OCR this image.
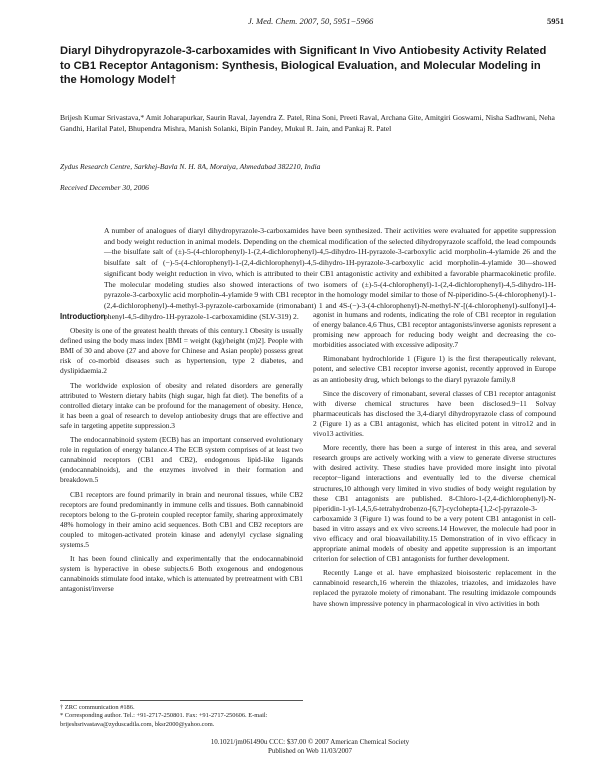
J. Med. Chem. 2007, 50, 5951−5966	5951
Diaryl Dihydropyrazole-3-carboxamides with Significant In Vivo Antiobesity Activity Related to CB1 Receptor Antagonism: Synthesis, Biological Evaluation, and Molecular Modeling in the Homology Model†

Brijesh Kumar Srivastava,* Amit Joharapurkar, Saurin Raval, Jayendra Z. Patel, Rina Soni, Preeti Raval, Archana Gite, Amitgiri Goswami, Nisha Sadhwani, Neha Gandhi, Harilal Patel, Bhupendra Mishra, Manish Solanki, Bipin Pandey, Mukul R. Jain, and Pankaj R. Patel

Zydus Research Centre, Sarkhej-Bavla N. H. 8A, Moraiya, Ahmedabad 382210, India

Received December 30, 2006

A number of analogues of diaryl dihydropyrazole-3-carboxamides have been synthesized. Their activities were evaluated for appetite suppression and body weight reduction in animal models. Depending on the chemical modification of the selected dihydropyrazole scaffold, the lead compounds—the bisulfate salt of (±)-5-(4-chlorophenyl)-1-(2,4-dichlorophenyl)-4,5-dihydro-1H-pyrazole-3-carboxylic acid morpholin-4-ylamide 26 and the bisulfate salt of (−)-5-(4-chlorophenyl)-1-(2,4-dichlorophenyl)-4,5-dihydro-1H-pyrazole-3-carboxylic acid morpholin-4-ylamide 30—showed significant body weight reduction in vivo, which is attributed to their CB1 antagonistic activity and exhibited a favorable pharmacokinetic profile. The molecular modeling studies also showed interactions of two isomers of (±)-5-(4-chlorophenyl)-1-(2,4-dichlorophenyl)-4,5-dihydro-1H-pyrazole-3-carboxylic acid morpholin-4-ylamide 9 with CB1 receptor in the homology model similar to those of N-piperidino-5-(4-chlorophenyl)-1-(2,4-dichlorophenyl)-4-methyl-3-pyrazole-carboxamide (rimonabant) 1 and 4S-(−)-3-(4-chlorophenyl)-N-methyl-N′-[(4-chlorophenyl)-sulfonyl]-4-phenyl-4,5-dihydro-1H-pyrazole-1-carboxamidine (SLV-319) 2.

Introduction

Obesity is one of the greatest health threats of this century.1 Obesity is usually defined using the body mass index [BMI = weight (kg)/height (m)2]. People with BMI of 30 and above (27 and above for Chinese and Asian people) possess great risk of co-morbid diseases such as hypertension, type 2 diabetes, and dyslipidaemia.2

The worldwide explosion of obesity and related disorders are generally attributed to Western dietary habits (high sugar, high fat diet). The benefits of a controlled dietary intake can be profound for the management of obesity. Hence, it has been a goal of research to develop antiobesity drugs that are effective and safe in targeting appetite suppression.3

The endocannabinoid system (ECB) has an important conserved evolutionary role in regulation of energy balance.4 The ECB system comprises of at least two cannabinoid receptors (CB1 and CB2), endogenous lipid-like ligands (endocannabinoids), and the enzymes involved in their formation and breakdown.5

CB1 receptors are found primarily in brain and neuronal tissues, while CB2 receptors are found predominantly in immune cells and tissues. Both cannabinoid receptors belong to the G-protein coupled receptor family, sharing approximately 48% homology in their amino acid sequences. Both CB1 and CB2 receptors are coupled to mitogen-activated protein kinase and adenylyl cyclase signaling systems.5

It has been found clinically and experimentally that the endocannabinoid system is hyperactive in obese subjects.6 Both exogenous and endogenous cannabinoids stimulate food intake, which is attenuated by pretreatment with CB1 antagonist/inverse

agonist in humans and rodents, indicating the role of CB1 receptor in regulation of energy balance.4,6 Thus, CB1 receptor antagonists/inverse agonists represent a promising new approach for reducing body weight and decreasing the co-morbidities associated with excessive adiposity.7

Rimonabant hydrochloride 1 (Figure 1) is the first therapeutically relevant, potent, and selective CB1 receptor inverse agonist, recently approved in Europe as an antiobesity drug, which belongs to the diaryl pyrazole family.8

Since the discovery of rimonabant, several classes of CB1 receptor antagonist with diverse chemical structures have been disclosed.9−11 Solvay pharmaceuticals has disclosed the 3,4-diaryl dihydropyrazole class of compound 2 (Figure 1) as a CB1 antagonist, which has elicited potent in vitro12 and in vivo13 activities.

More recently, there has been a surge of interest in this area, and several research groups are actively working with a view to generate diverse structures with desired activity. These studies have provided more insight into pivotal receptor−ligand interactions and eventually led to the diverse chemical structures,10 although very limited in vivo studies of body weight regulation by these CB1 antagonists are published. 8-Chloro-1-(2,4-dichlorophenyl)-N-piperidin-1-yl-1,4,5,6-tetrahydrobenzo-[6,7]-cyclohepta-[1,2-c]-pyrazole-3-carboxamide 3 (Figure 1) was found to be a very potent CB1 antagonist in cell-based in vitro assays and ex vivo screens.14 However, the molecule had poor in vivo efficacy and oral bioavailability.15 Demonstration of in vivo efficacy in appropriate animal models of obesity and appetite suppression is an important criterion for selection of CB1 antagonists for further development.

Recently Lange et al. have emphasized bioisosteric replacement in the cannabinoid research,16 wherein the thiazoles, triazoles, and imidazoles have replaced the pyrazole moiety of rimonabant. The resulting imidazole compounds have shown impressive potency in pharmacological in vivo activities in both

† ZRC communication #186.
* Corresponding author. Tel.: +91-2717-250801. Fax: +91-2717-250606. E-mail: brijeshsrivastava@zyduscadila.com, bksr2000@yahoo.com.
10.1021/jm061490u CCC: $37.00 © 2007 American Chemical Society
Published on Web 11/03/2007
